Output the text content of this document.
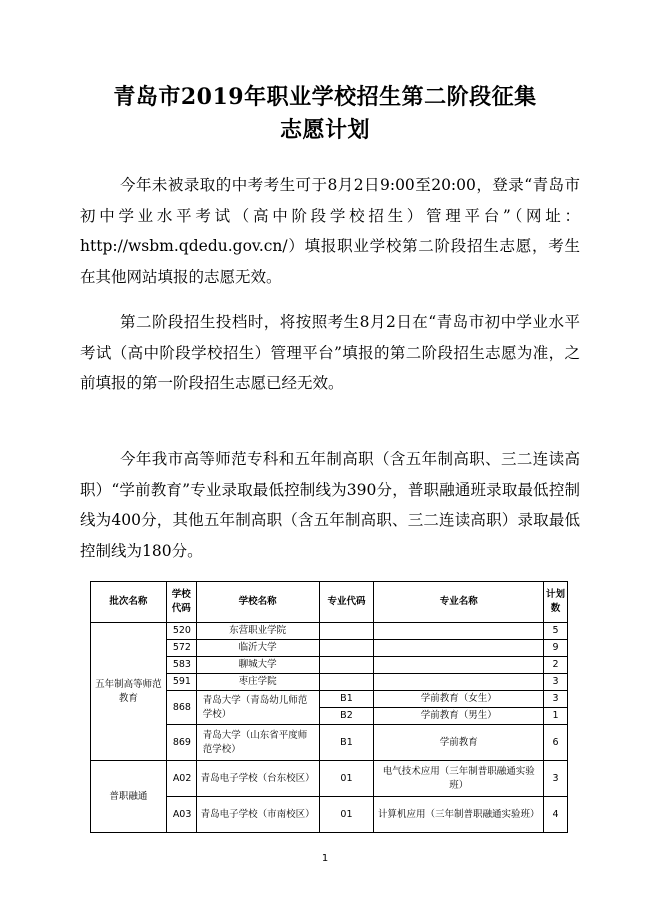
青岛市2019年职业学校招生第二阶段征集
志愿计划

今年未被录取的中考考生可于8月2日9:00至20:00，登录“青岛市初中学业水平考试（高中阶段学校招生）管理平台”（网址：http://wsbm.qdedu.gov.cn/）填报职业学校第二阶段招生志愿，考生在其他网站填报的志愿无效。

第二阶段招生投档时，将按照考生8月2日在“青岛市初中学业水平考试（高中阶段学校招生）管理平台”填报的第二阶段招生志愿为准，之前填报的第一阶段招生志愿已经无效。

今年我市高等师范专科和五年制高职（含五年制高职、三二连读高职）“学前教育”专业录取最低控制线为390分，普职融通班录取最低控制线为400分，其他五年制高职（含五年制高职、三二连读高职）录取最低控制线为180分。

批次名称	学校代码	学校名称	专业代码	专业名称	计划数
五年制高等师范教育	520	东营职业学院			5
	572	临沂大学			9
	583	聊城大学			2
	591	枣庄学院			3
	868	青岛大学（青岛幼儿师范学校）	B1	学前教育（女生）	3
			B2	学前教育（男生）	1
	869	青岛大学（山东省平度师范学校）	B1	学前教育	6

普职融通	A02	青岛电子学校（台东校区）	01	电气技术应用（三年制普职融通实验班）	3
	A03	青岛电子学校（市南校区）	01	计算机应用（三年制普职融通实验班）	4
1
